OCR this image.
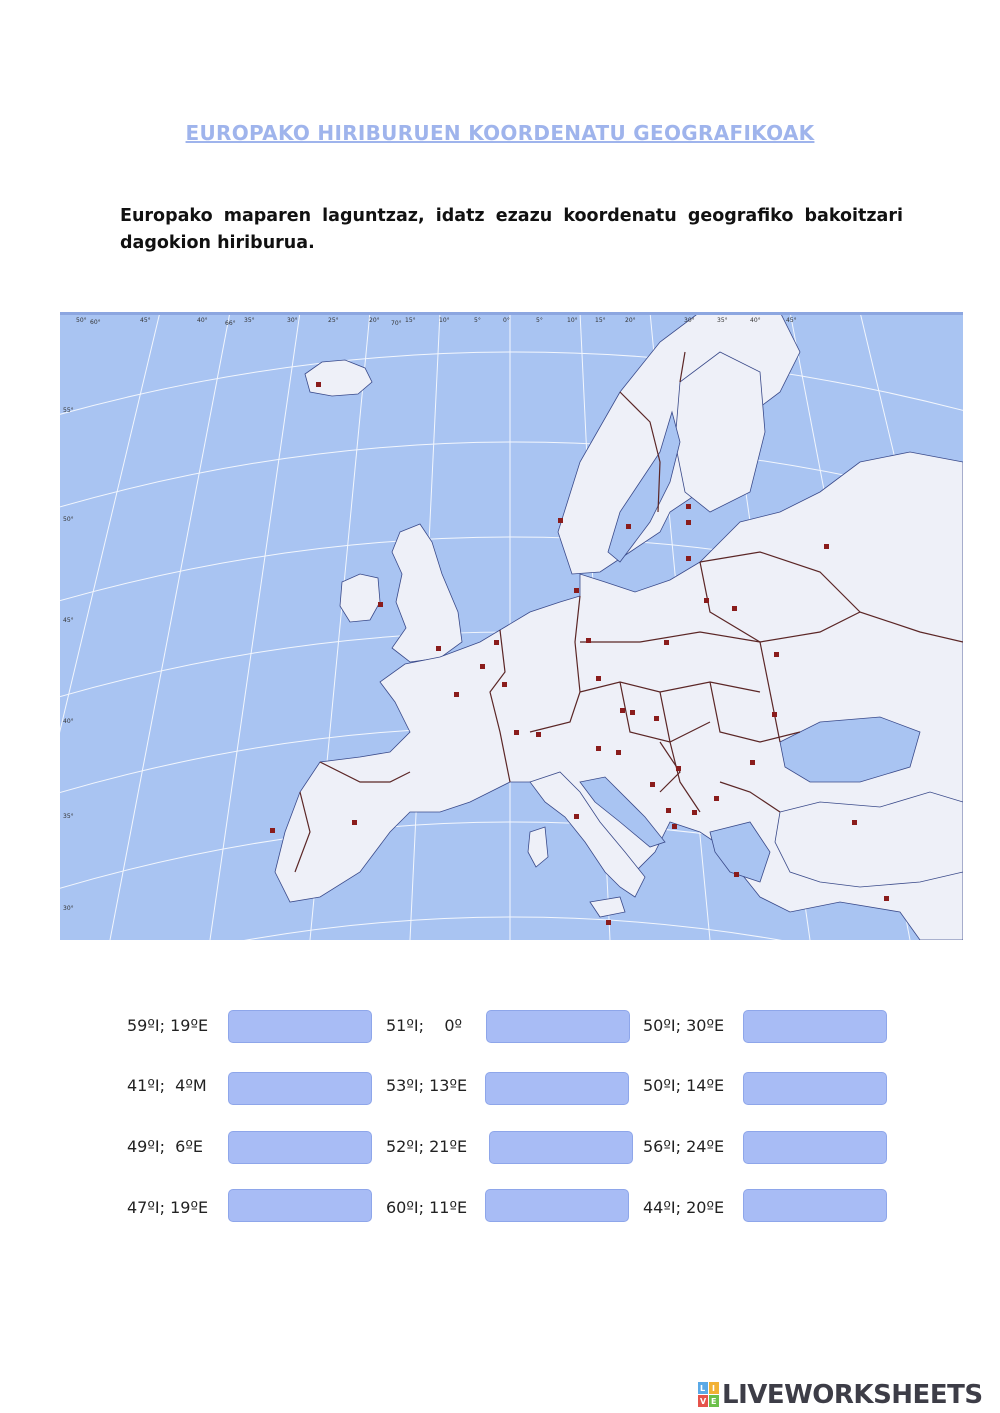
EUROPAKO HIRIBURUEN KOORDENATU GEOGRAFIKOAK
Europako maparen laguntzaz, idatz ezazu koordenatu geografiko bakoitzari dagokion hiriburua.
50° 60°	45°	40°	66° 35°	30°	25°	20° 70° 15°	10°	5°	0°	5°	10°	15°	20°	30°	35°	40°	45°
55°
50°
45°
40°
35°
30°
59ºI; 19ºE	51ºI;    0º	50ºI; 30ºE
41ºI;  4ºM	53ºI; 13ºE	50ºI; 14ºE
49ºI;  6ºE	52ºI; 21ºE	56ºI; 24ºE
47ºI; 19ºE	60ºI; 11ºE	44ºI; 20ºE
L I
V E LIVEWORKSHEETS
